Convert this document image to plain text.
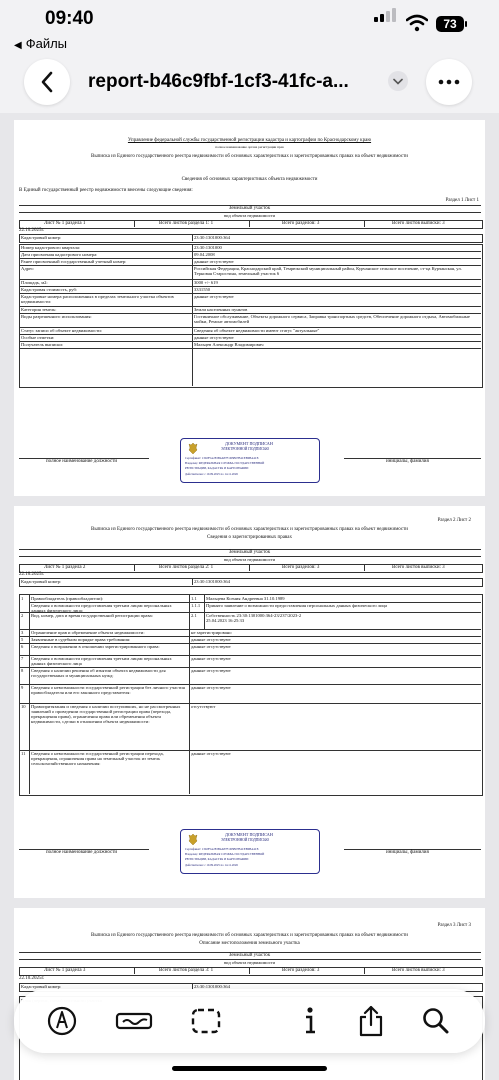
09:40	73
◀ Файлы
report-b46c9fbf-1cf3-41fc-a...
Управление федеральной службы государственной регистрации кадастра и картографии по Краснодарскому краю
полное наименование органа регистрации прав
Выписка из Единого государственного реестра недвижимости об основных характеристиках и зарегистрированных правах на объект недвижимости
Сведения об основных характеристиках объекта недвижимости
В Единый государственный реестр недвижимости внесены следующие сведения:
Раздел 1 Лист 1
Земельный участок
вид объекта недвижимости
Лист № 1 раздела 1	Всего листов раздела 1: 1	Всего разделов: 3	Всего листов выписки: 3
22.10.2025г.
Кадастровый номер:	23:30:1301000:364
Номер кадастрового квартала:	23:30:1301000
Дата присвоения кадастрового номера:	09.04.2008
Ранее присвоенный государственный учетный номер:	данные отсутствуют
Адрес:	Российская Федерация, Краснодарский край, Темрюкский муниципальный район, Курчанское сельское поселение, ст-ца Курчанская, ул. Терновая Старостина, земельный участок 6
Площадь, м2:	3000 +/- 619
Кадастровая стоимость, руб:	3331550
Кадастровые номера расположенных в пределах земельного участка объектов недвижимости:
данные отсутствуют
Категория земель:	Земли населенных пунктов
Виды разрешенного использования:	Гостиничное обслуживание, Объекты дорожного сервиса, Заправка транспортных средств, Обеспечение дорожного отдыха, Автомобильные мойки, Ремонт автомобилей
Статус записи об объекте недвижимости:	Сведения об объекте недвижимости имеют статус "актуальные"
Особые отметки:	данные отсутствуют
Получатель выписки:	Мальцев Александр Владимирович
полное наименование должности	инициалы, фамилия
ДОКУМЕНТ ПОДПИСАН
ЭЛЕКТРОННОЙ ПОДПИСЬЮ
Сертификат: 1302F5A2F2B4A87F1D5B07B4CEB0BA4C8
Владелец: ФЕДЕРАЛЬНАЯ СЛУЖБА ГОСУДАРСТВЕННОЙ
РЕГИСТРАЦИИ, КАДАСТРА И КАРТОГРАФИИ
Действителен: с 10.09.2025 по 14.11.2026
Раздел 2 Лист 2
Выписка из Единого государственного реестра недвижимости об основных характеристиках и зарегистрированных правах на объект недвижимости
Сведения о зарегистрированных правах
Земельный участок
вид объекта недвижимости
Лист № 1 раздела 2	Всего листов раздела 2: 1	Всего разделов: 3	Всего листов выписки: 3
22.10.2025г.
Кадастровый номер:	23:30:1301000:364
1 Правообладатель (правообладатели):	1.1 Мальцева Ксения Андреевна 31.10.1989
Сведения о возможности предоставления третьим лицам персональных данных физического лица:
1.1.1 Принято заявление о возможности предоставления персональных данных физического лица
2 Вид, номер, дата и время государственной регистрации права:	2.1 Собственность 23:30:1301000:364-23/237/2023-2 25.04.2023 16:25:33
3 Ограничение прав и обременение объекта недвижимости:	не зарегистрировано
5 Заявленные в судебном порядке права требования:	данные отсутствуют
6 Сведения о возражении в отношении зарегистрированного права:	данные отсутствуют
7 Сведения о возможности предоставления третьим лицам персональных данных физического лица
данные отсутствуют
8 Сведения о наличии решения об изъятии объекта недвижимости для государственных и муниципальных нужд:
данные отсутствуют
9 Сведения о невозможности государственной регистрации без личного участия правообладателя или его законного представителя:
данные отсутствуют
10 Правопритязания и сведения о наличии поступивших, но не рассмотренных заявлений о проведении государственной регистрации права (перехода, прекращения права), ограничения права или обременения объекта недвижимости, сделки в отношении объекта недвижимости:
отсутствуют
11 Сведения о невозможности государственной регистрации перехода, прекращения, ограничения права на земельный участок из земель сельскохозяйственного назначения:
данные отсутствуют
полное наименование должности	инициалы, фамилия
ДОКУМЕНТ ПОДПИСАН
ЭЛЕКТРОННОЙ ПОДПИСЬЮ
Сертификат: 1302F5A2F2B4A87F1D5B07B4CEB0BA4C8
Владелец: ФЕДЕРАЛЬНАЯ СЛУЖБА ГОСУДАРСТВЕННОЙ
РЕГИСТРАЦИИ, КАДАСТРА И КАРТОГРАФИИ
Действителен: с 10.09.2025 по 14.11.2026
Раздел 3 Лист 3
Выписка из Единого государственного реестра недвижимости об основных характеристиках и зарегистрированных правах на объект недвижимости
Описание местоположения земельного участка
Земельный участок
вид объекта недвижимости
Лист № 1 раздела 3	Всего листов раздела 3: 1	Всего разделов: 3	Всего листов выписки: 3
22.10.2025г.
Кадастровый номер:	23:30:1301000:364
